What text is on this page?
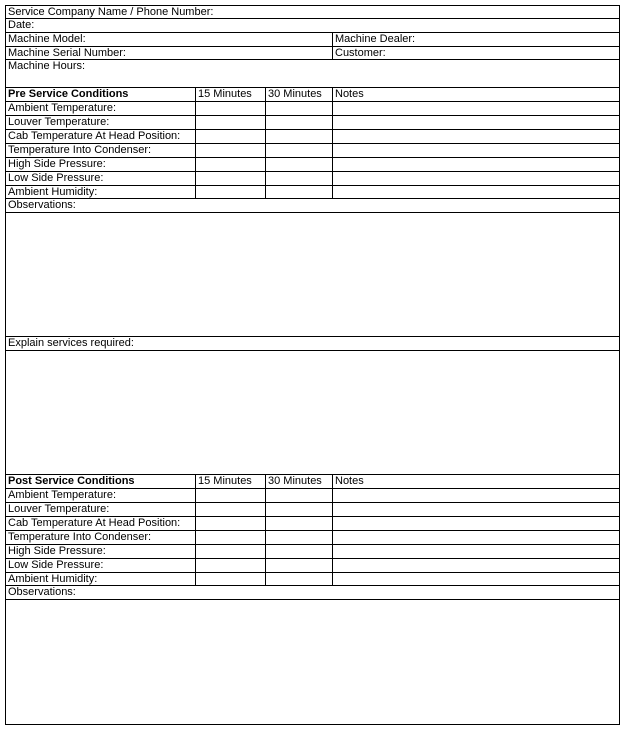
Service Company Name / Phone Number:
Date:
Machine Model:	Machine Dealer:
Machine Serial Number:	Customer:
Machine Hours:
Pre Service Conditions	15 Minutes	30 Minutes	Notes
Ambient Temperature:
Louver Temperature:
Cab Temperature At Head Position:
Temperature Into Condenser:
High Side Pressure:
Low Side Pressure:
Ambient Humidity:
Observations:
Explain services required:
Post Service Conditions	15 Minutes	30 Minutes	Notes
Ambient Temperature:
Louver Temperature:
Cab Temperature At Head Position:
Temperature Into Condenser:
High Side Pressure:
Low Side Pressure:
Ambient Humidity:
Observations:
